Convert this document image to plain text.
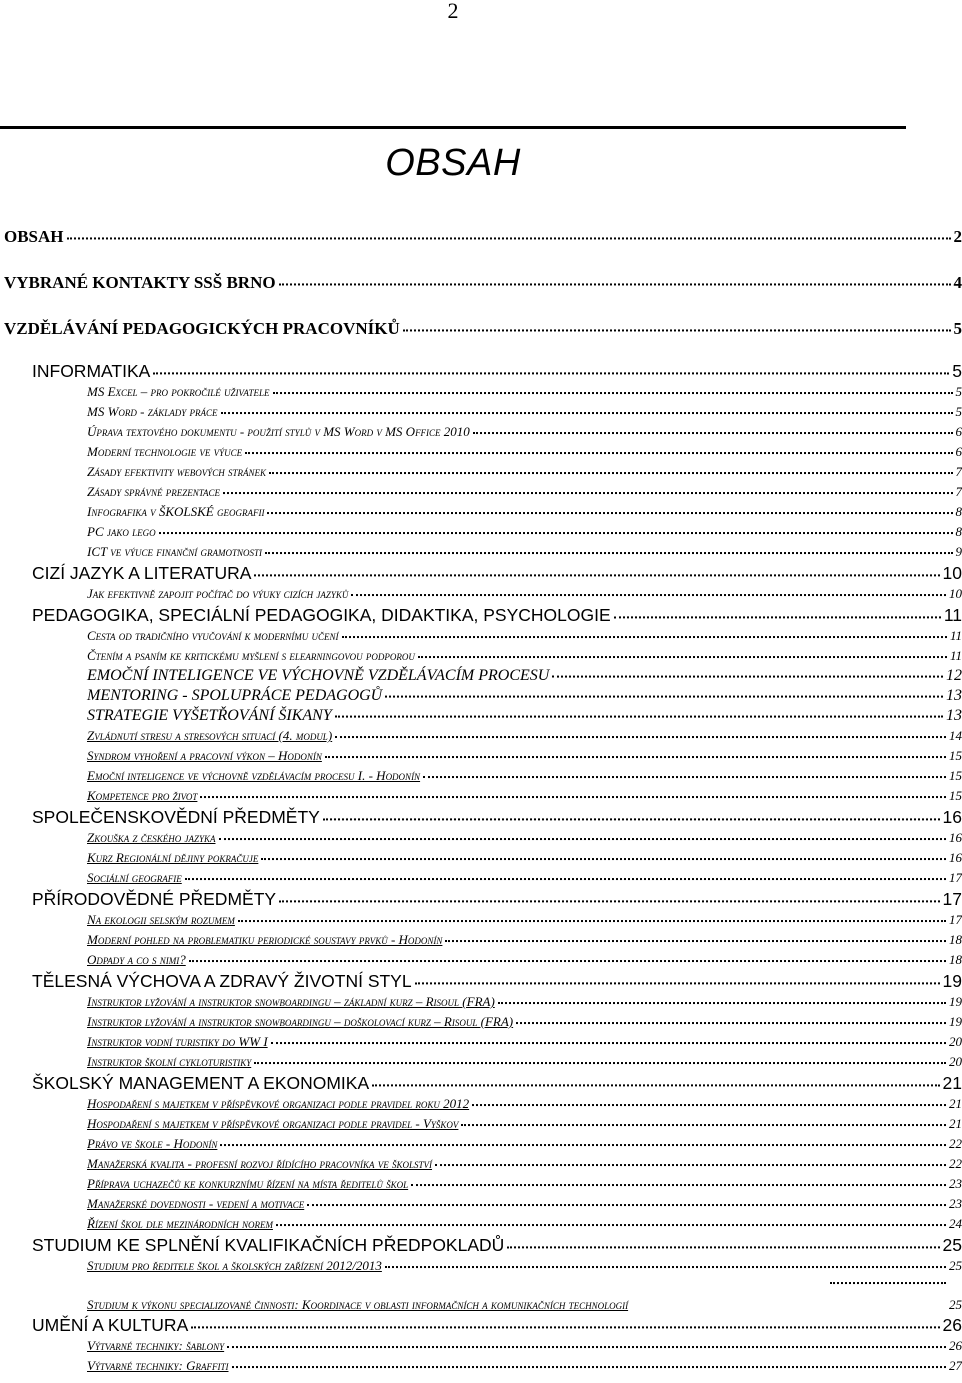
2
OBSAH
OBSAH	2
VYBRANÉ KONTAKTY SSŠ BRNO	4
VZDĚLÁVÁNÍ PEDAGOGICKÝCH PRACOVNÍKŮ	5
INFORMATIKA	5
MS Excel – pro pokročilé uživatele	5
MS Word - základy práce	5
Úprava textového dokumentu - použití stylů v MS Word v MS Office 2010	6
Moderní technologie ve výuce	6
Zásady efektivity webových stránek	7
Zásady správné prezentace	7
Infografika v ŠKOLSKÉ geografii	8
PC jako lego	8
ICT ve výuce finanční gramotnosti	9
CIZÍ JAZYK A LITERATURA	10
Jak efektivně zapojit počítač do výuky cizích jazyků	10
PEDAGOGIKA, SPECIÁLNÍ PEDAGOGIKA, DIDAKTIKA, PSYCHOLOGIE	11
Cesta od tradičního vyučování k modernímu učení	11
Čtením a psaním ke kritickému myšlení s elearningovou podporou	11
EMOČNÍ INTELIGENCE VE VÝCHOVNĚ VZDĚLÁVACÍM PROCESU	12
MENTORING - SPOLUPRÁCE PEDAGOGŮ	13
STRATEGIE VYŠETŘOVÁNÍ ŠIKANY	13
Zvládnutí stresu a stresových situací (4. modul)	14
Syndrom vyhoření a pracovní výkon – Hodonín	15
Emoční inteligence ve výchovně vzdělávacím procesu I. - Hodonín	15
Kompetence pro život	15
SPOLEČENSKOVĚDNÍ PŘEDMĚTY	16
Zkouška z českého jazyka	16
Kurz Regionální dějiny pokračuje	16
Sociální geografie	17
PŘÍRODOVĚDNÉ PŘEDMĚTY	17
Na ekologii selským rozumem	17
Moderní pohled na problematiku periodické soustavy prvků - Hodonín	18
Odpady a co s nimi?	18
TĚLESNÁ VÝCHOVA A ZDRAVÝ ŽIVOTNÍ STYL	19
Instruktor lyžování a instruktor snowboardingu – základní kurz – Risoul (FRA)	19
Instruktor lyžování a instruktor snowboardingu – doškolovací kurz – Risoul (FRA)	19
Instruktor vodní turistiky do WW I	20
Instruktor školní cykloturistiky	20
ŠKOLSKÝ MANAGEMENT A EKONOMIKA	21
Hospodaření s majetkem v příspěvkové organizaci podle pravidel roku 2012	21
Hospodaření s majetkem v příspěvkové organizaci podle pravidel - Vyškov	21
Právo ve škole - Hodonín	22
Manažerská kvalita - profesní rozvoj řídícího pracovníka ve školství	22
Příprava uchazečů ke konkurznímu řízení na místa ředitelů škol	23
Manažerské dovednosti - vedení a motivace	23
Řízení škol dle mezinárodních norem	24
STUDIUM KE SPLNĚNÍ KVALIFIKAČNÍCH PŘEDPOKLADŮ	25
Studium pro ředitele škol a školských zařízení 2012/2013	25
Studium k výkonu specializované činnosti: Koordinace v oblasti informačních a komunikačních technologií	25
UMĚNÍ A KULTURA	26
Výtvarné techniky: šablony	26
Výtvarné techniky: Graffiti	27
